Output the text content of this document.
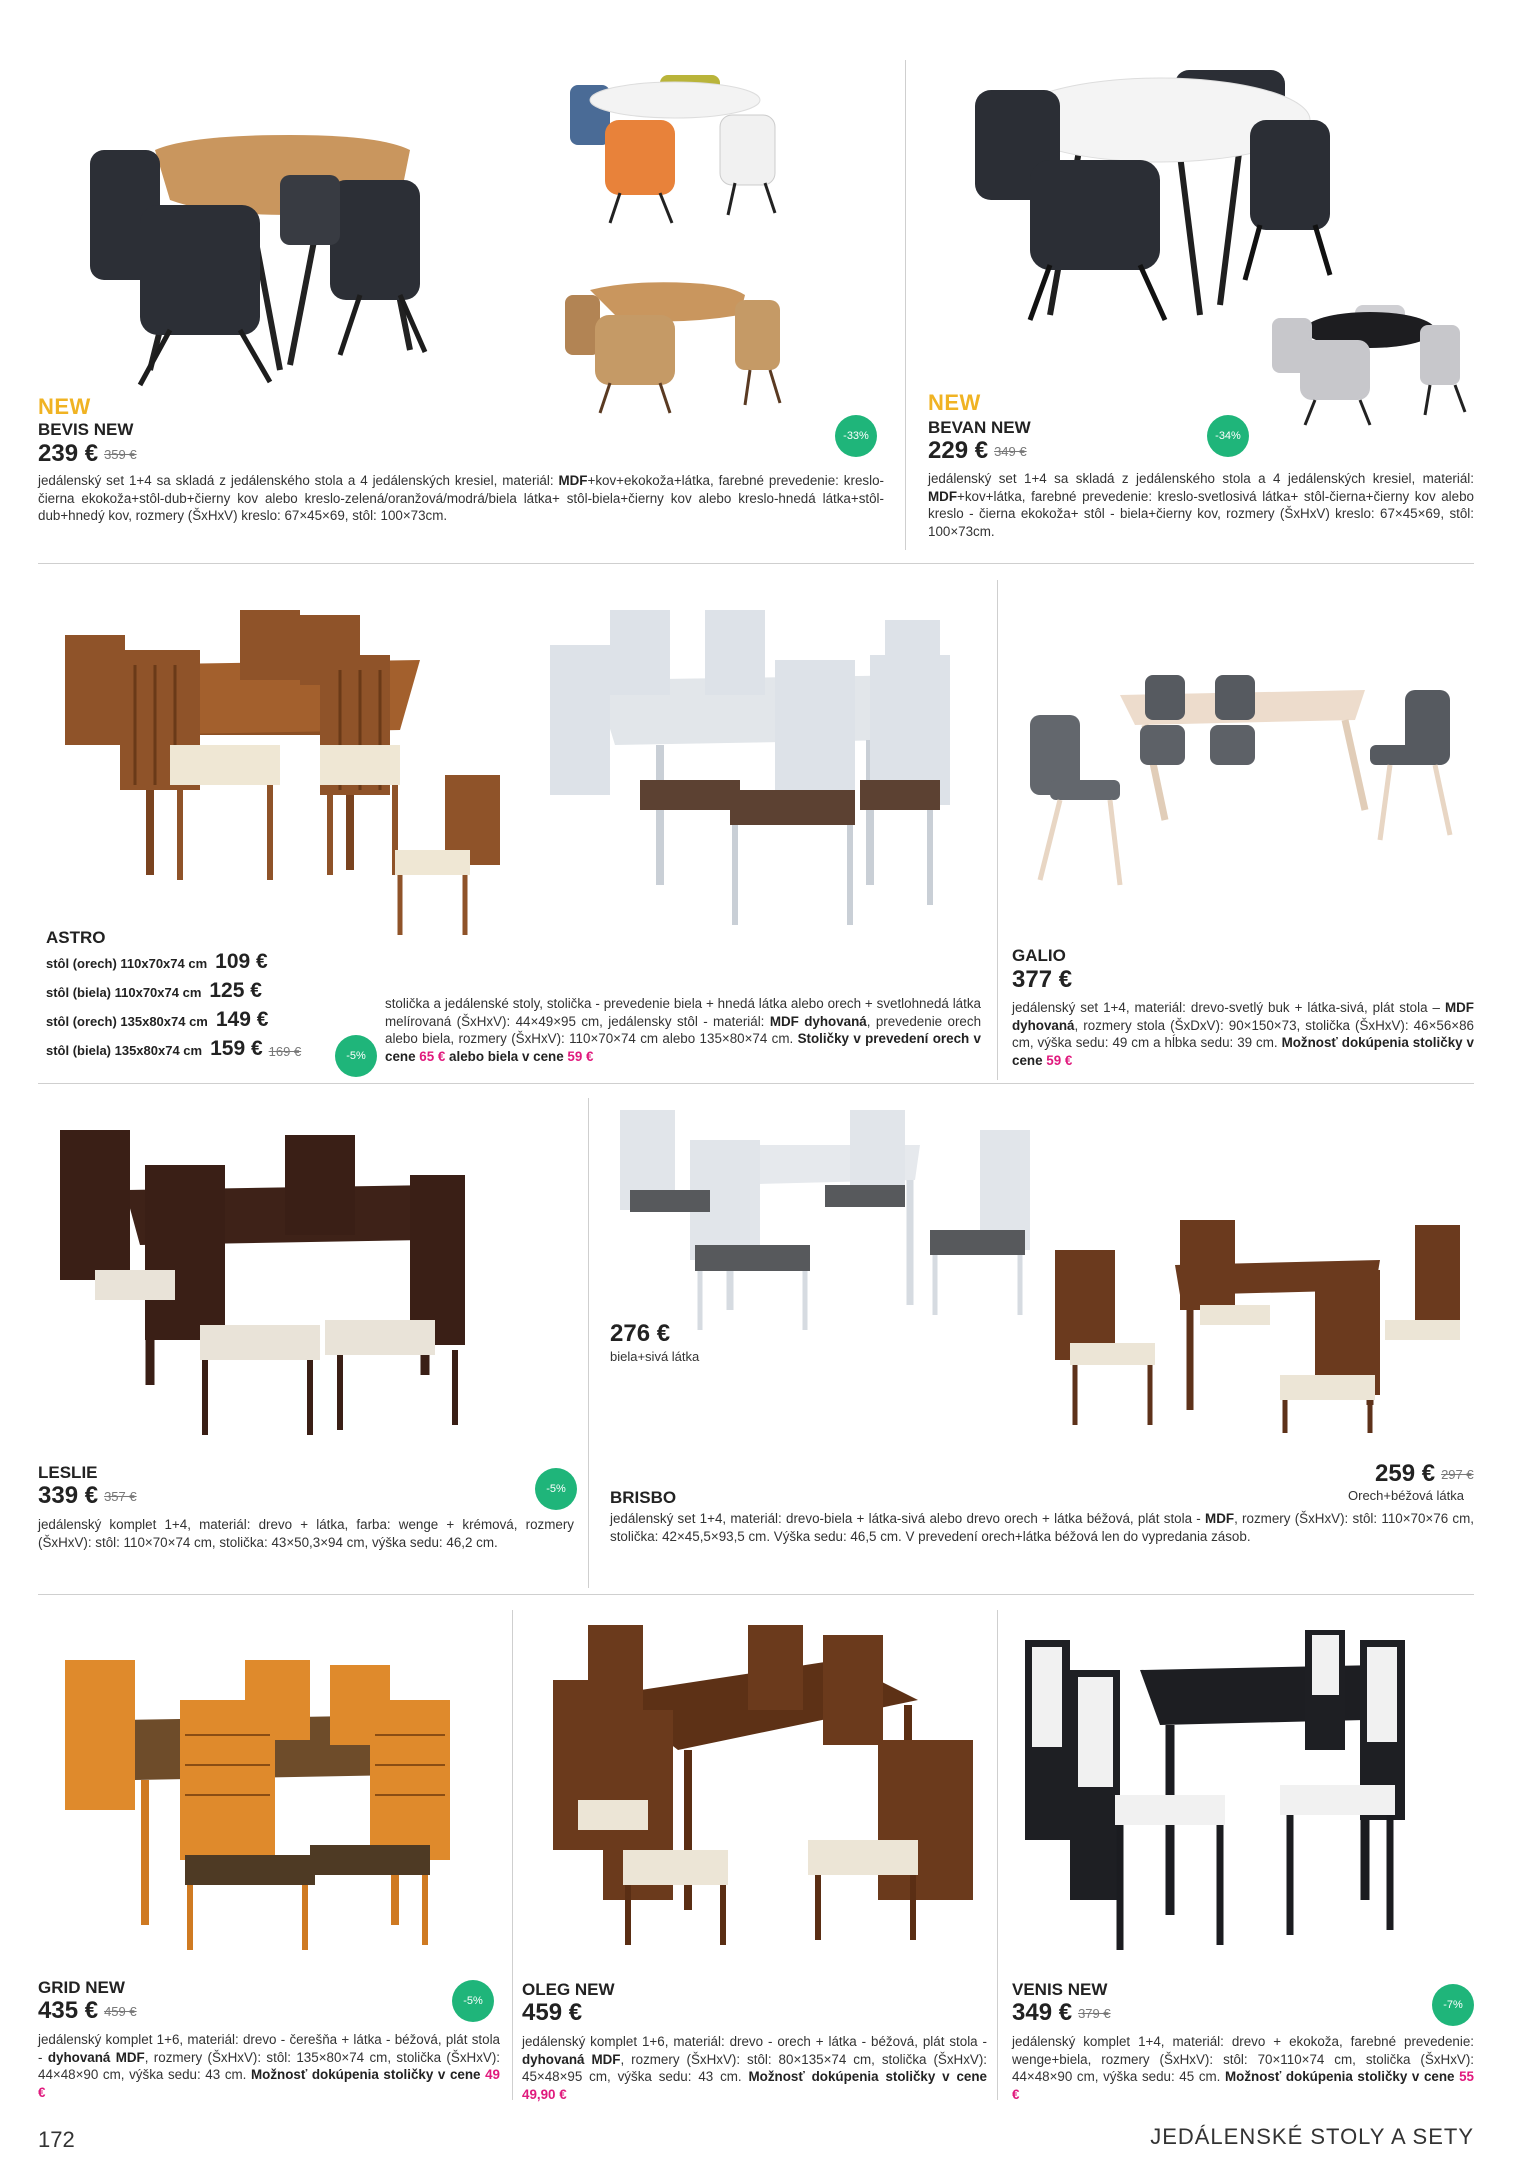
NEW
BEVIS NEW
239 € 359 €
-33%
jedálenský set 1+4 sa skladá z jedálenského stola a 4 jedálenských kresiel, materiál: MDF+kov+ekokoža+látka, farebné prevedenie: kreslo-čierna ekokoža+stôl-dub+čierny kov alebo kreslo-zelená/oranžová/modrá/biela látka+ stôl-biela+čierny kov alebo kreslo-hnedá látka+stôl-dub+hnedý kov, rozmery (ŠxHxV) kreslo: 67×45×69, stôl: 100×73cm.
NEW
BEVAN NEW
229 € 349 €
-34%
jedálenský set 1+4 sa skladá z jedálenského stola a 4 jedálenských kresiel, materiál: MDF+kov+látka, farebné prevedenie: kreslo-svetlosivá látka+ stôl-čierna+čierny kov alebo kreslo - čierna ekokoža+ stôl - biela+čierny kov, rozmery (ŠxHxV) kreslo: 67×45×69, stôl: 100×73cm.
ASTRO
stôl (orech) 110x70x74 cm 109 €
stôl (biela) 110x70x74 cm 125 €
stôl (orech) 135x80x74 cm 149 €
stôl (biela) 135x80x74 cm 159 € 169 €	-5%
stolička a jedálenské stoly, stolička - prevedenie biela + hnedá látka alebo orech + svetlohnedá látka melírovaná (ŠxHxV): 44×49×95 cm, jedálensky stôl - materiál: MDF dyhovaná, prevedenie orech alebo biela, rozmery (ŠxHxV): 110×70×74 cm alebo 135×80×74 cm. Stoličky v prevedení orech v cene 65 € alebo biela v cene 59 €
GALIO
377 €
jedálenský set 1+4, materiál: drevo-svetlý buk + látka-sivá, plát stola – MDF dyhovaná, rozmery stola (ŠxDxV): 90×150×73, stolička (ŠxHxV): 46×56×86 cm, výška sedu: 49 cm a hĺbka sedu: 39 cm. Možnosť dokúpenia stoličky v cene 59 €
LESLIE
339 € 357 €
-5%
jedálenský komplet 1+4, materiál: drevo + látka, farba: wenge + krémová, rozmery (ŠxHxV): stôl: 110×70×74 cm, stolička: 43×50,3×94 cm, výška sedu: 46,2 cm.
276 €
biela+sivá látka
259 € 297 €
Orech+béžová látka
BRISBO
jedálenský set 1+4, materiál: drevo-biela + látka-sivá alebo drevo orech + látka béžová, plát stola - MDF, rozmery (ŠxHxV): stôl: 110×70×76 cm, stolička: 42×45,5×93,5 cm. Výška sedu: 46,5 cm. V prevedení orech+látka béžová len do vypredania zásob.
GRID NEW
435 € 459 €
-5%
jedálenský komplet 1+6, materiál: drevo - čerešňa + látka - béžová, plát stola - dyhovaná MDF, rozmery (ŠxHxV): stôl: 135×80×74 cm, stolička (ŠxHxV): 44×48×90 cm, výška sedu: 43 cm. Možnosť dokúpenia stoličky v cene 49 €
OLEG NEW
459 €
jedálenský komplet 1+6, materiál: drevo - orech + látka - béžová, plát stola - dyhovaná MDF, rozmery (ŠxHxV): stôl: 80×135×74 cm, stolička (ŠxHxV): 45×48×95 cm, výška sedu: 43 cm. Možnosť dokúpenia stoličky v cene 49,90 €
VENIS NEW
349 € 379 €
-7%
jedálenský komplet 1+4, materiál: drevo + ekokoža, farebné prevedenie: wenge+biela, rozmery (ŠxHxV): stôl: 70×110×74 cm, stolička (ŠxHxV): 44×48×90 cm, výška sedu: 45 cm. Možnosť dokúpenia stoličky v cene 55 €
172	JEDÁLENSKÉ STOLY A SETY
